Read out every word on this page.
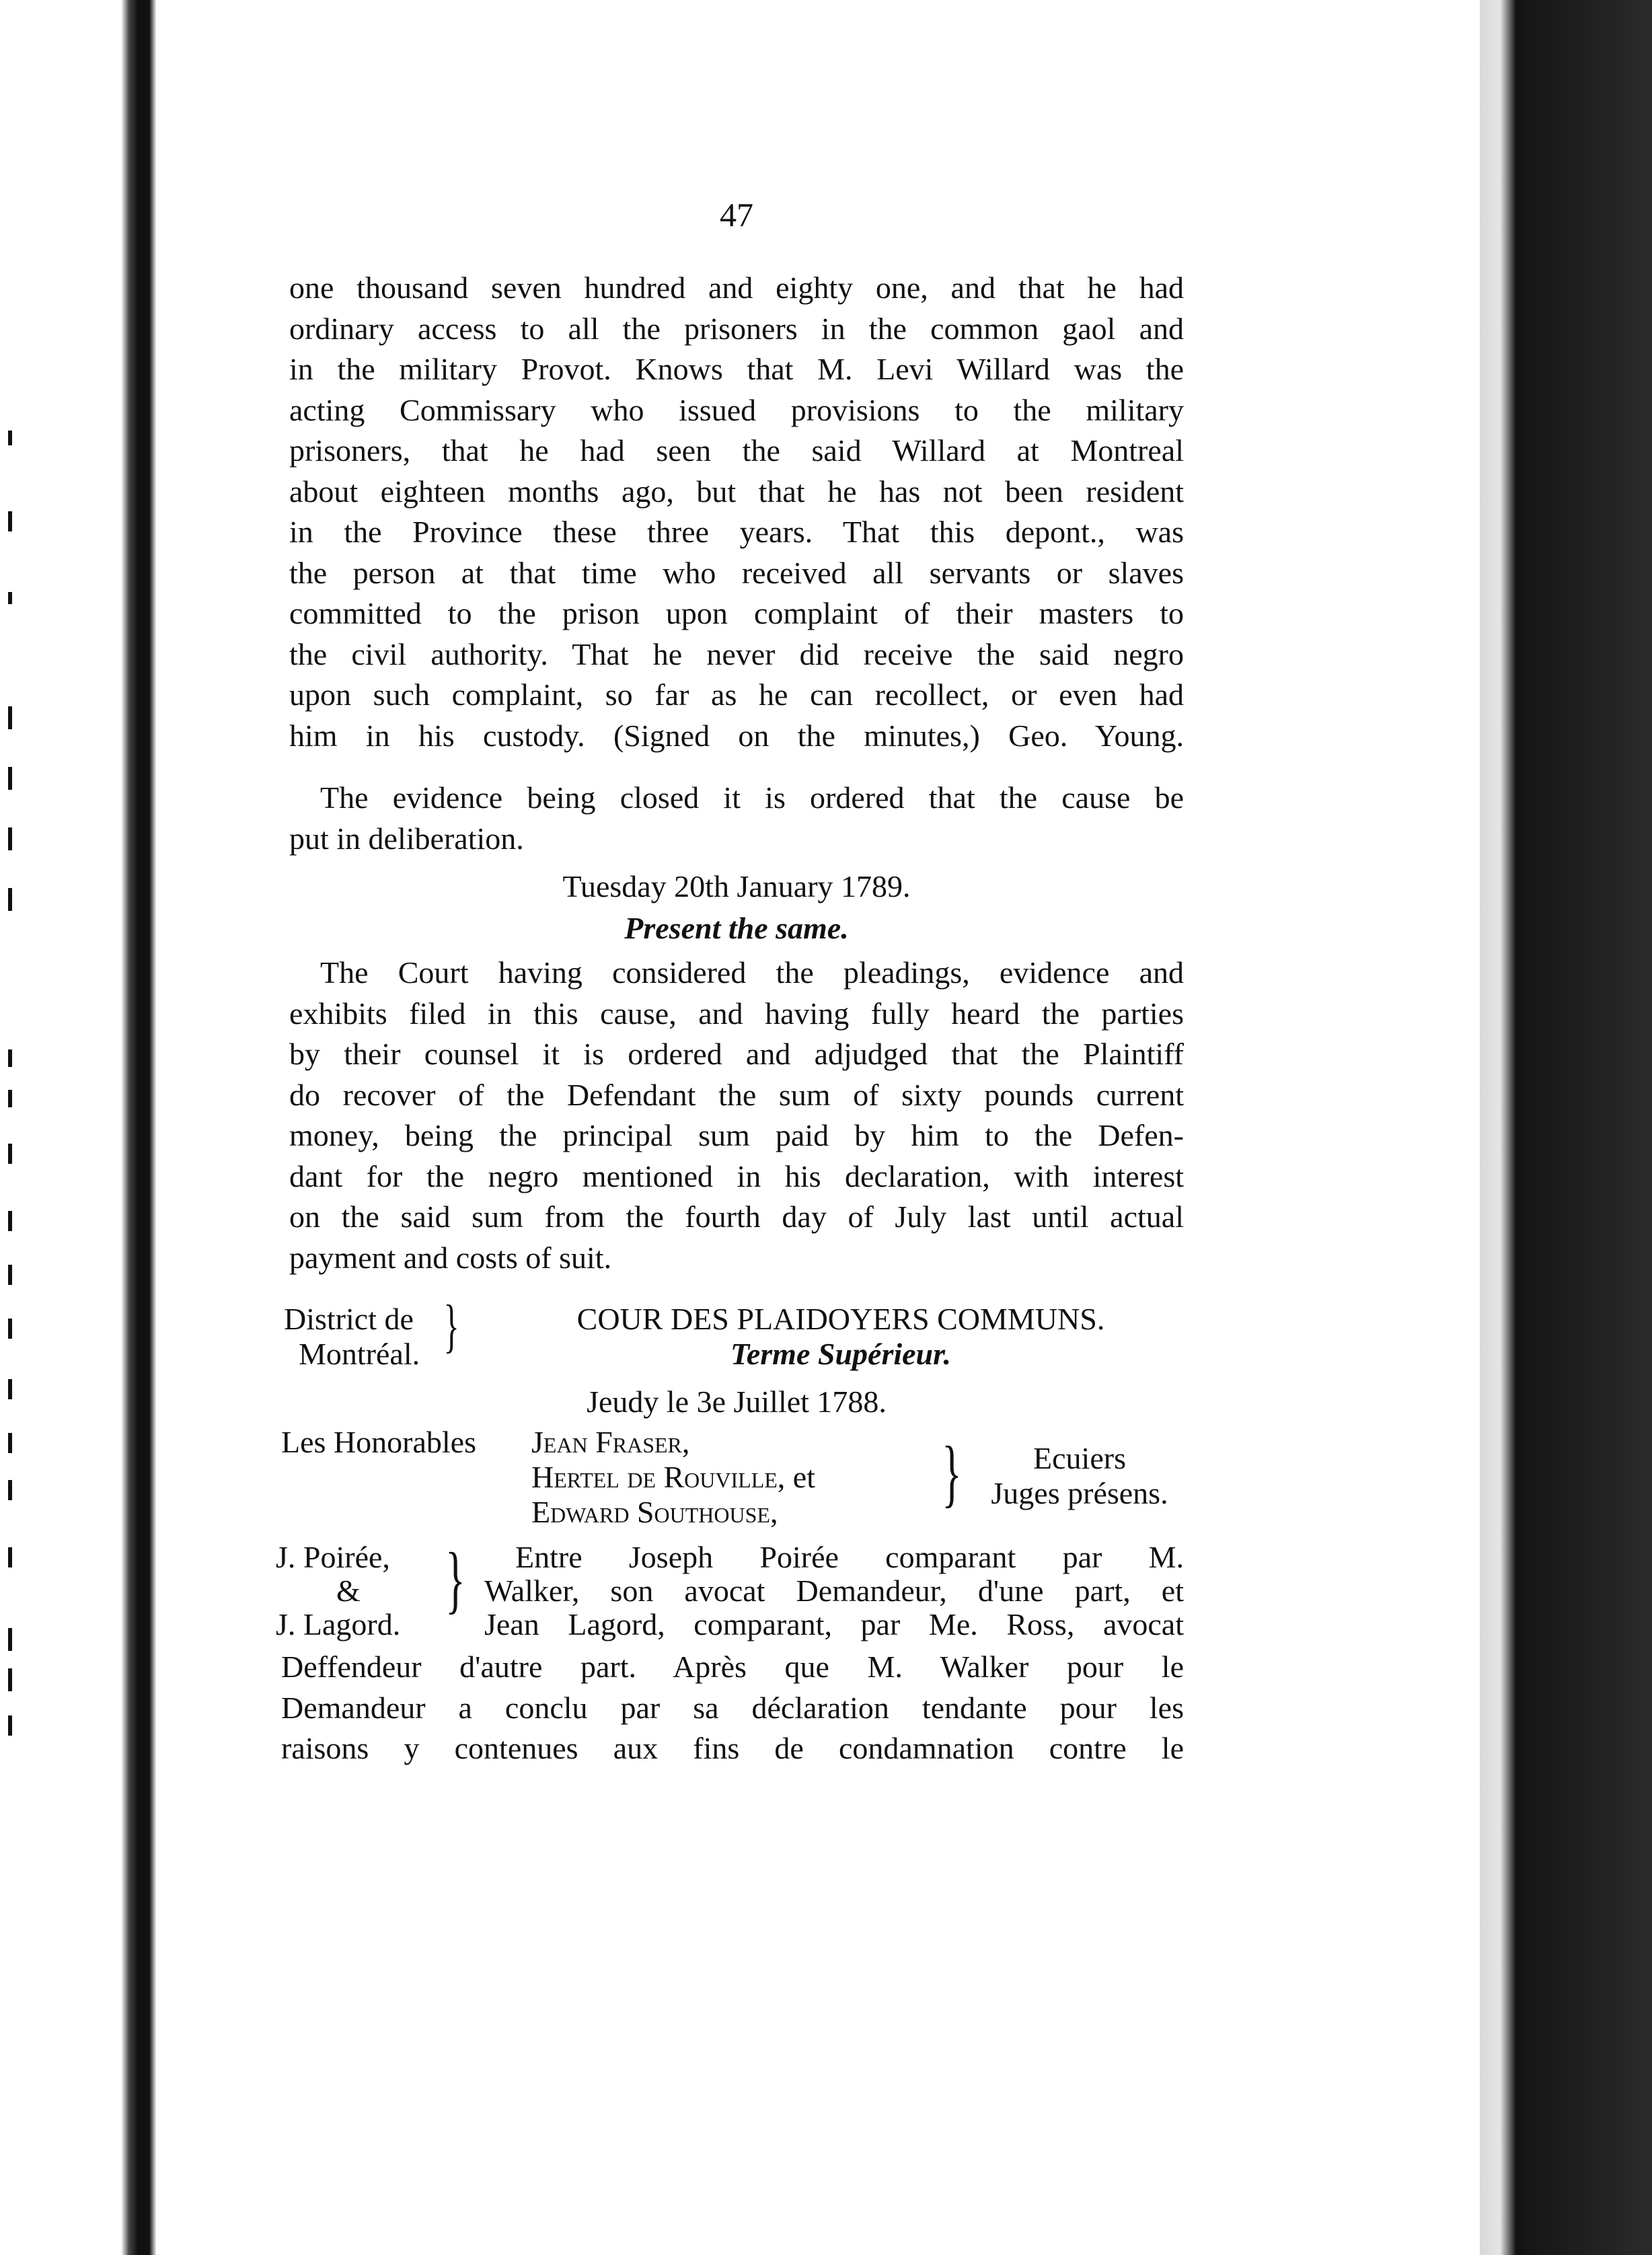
47
one thousand seven hundred and eighty one, and that he had
ordinary access to all the prisoners in the common gaol and
in the military Provot. Knows that M. Levi Willard was the
acting Commissary who issued provisions to the military
prisoners, that he had seen the said Willard at Montreal
about eighteen months ago, but that he has not been resident
in the Province these three years. That this depont., was
the person at that time who received all servants or slaves
committed to the prison upon complaint of their masters to
the civil authority. That he never did receive the said negro
upon such complaint, so far as he can recollect, or even had
him in his custody. (Signed on the minutes,) Geo. Young.
The evidence being closed it is ordered that the cause be
put in deliberation.
Tuesday 20th January 1789.
Present the same.
The Court having considered the pleadings, evidence and
exhibits filed in this cause, and having fully heard the parties
by their counsel it is ordered and adjudged that the Plaintiff
do recover of the Defendant the sum of sixty pounds current
money, being the principal sum paid by him to the Defen-
dant for the negro mentioned in his declaration, with interest
on the said sum from the fourth day of July last until actual
payment and costs of suit.
District de
Montréal. }	COUR DES PLAIDOYERS COMMUNS.
Terme Supérieur.
Jeudy le 3e Juillet 1788.
Les Honorables Jean Fraser,
Hertel de Rouville, et
Edward Southouse,	}	Ecuiers
Juges présens.
J. Poirée,
&
J. Lagord.
}	Entre Joseph Poirée comparant par M.
Walker, son avocat Demandeur, d'une part, et
Jean Lagord, comparant, par Me. Ross, avocat
Deffendeur d'autre part. Après que M. Walker pour le
Demandeur a conclu par sa déclaration tendante pour les
raisons y contenues aux fins de condamnation contre le
